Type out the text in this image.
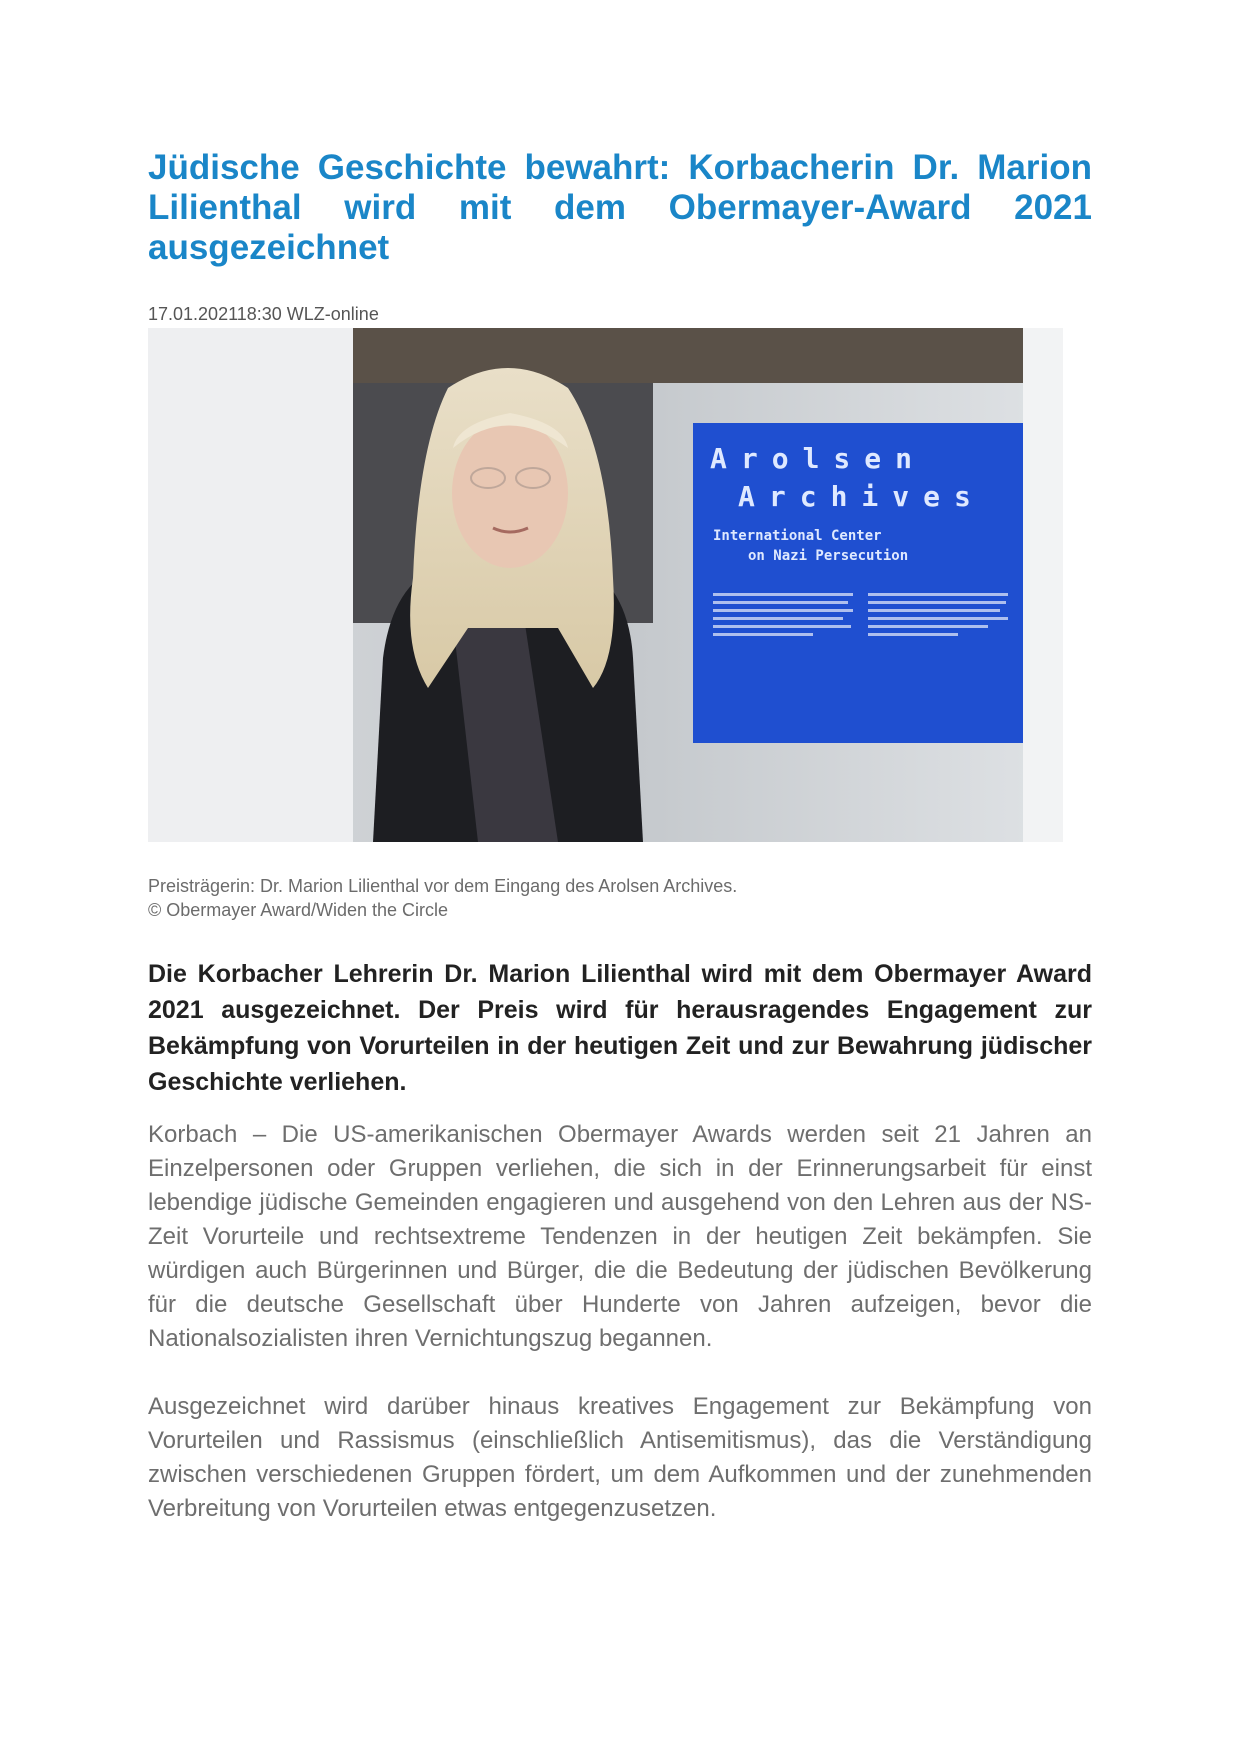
Jüdische Geschichte bewahrt: Korbacherin Dr. Marion Lilienthal wird mit dem Obermayer-Award 2021 ausgezeichnet
17.01.202118:30 WLZ-online
Arolsen
Archives
International Center
on Nazi Persecution
Preisträgerin: Dr. Marion Lilienthal vor dem Eingang des Arolsen Archives.
© Obermayer Award/Widen the Circle

Die Korbacher Lehrerin Dr. Marion Lilienthal wird mit dem Obermayer Award 2021 ausgezeichnet. Der Preis wird für herausragendes Engagement zur Bekämpfung von Vorurteilen in der heutigen Zeit und zur Bewahrung jüdischer Geschichte verliehen.

Korbach – Die US-amerikanischen Obermayer Awards werden seit 21 Jahren an Einzelpersonen oder Gruppen verliehen, die sich in der Erinnerungsarbeit für einst lebendige jüdische Gemeinden engagieren und ausgehend von den Lehren aus der NS-Zeit Vorurteile und rechtsextreme Tendenzen in der heutigen Zeit bekämpfen. Sie würdigen auch Bürgerinnen und Bürger, die die Bedeutung der jüdischen Bevölkerung für die deutsche Gesellschaft über Hunderte von Jahren aufzeigen, bevor die Nationalsozialisten ihren Vernichtungszug begannen.

Ausgezeichnet wird darüber hinaus kreatives Engagement zur Bekämpfung von Vorurteilen und Rassismus (einschließlich Antisemitismus), das die Verständigung zwischen verschiedenen Gruppen fördert, um dem Aufkommen und der zunehmenden Verbreitung von Vorurteilen etwas entgegenzusetzen.
